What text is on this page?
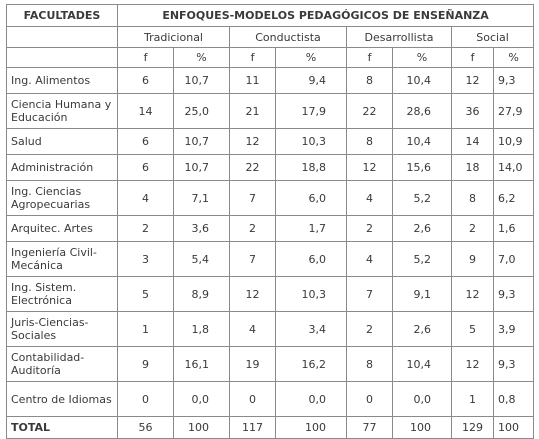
FACULTADES	ENFOQUES-MODELOS PEDAGÓGICOS DE ENSEÑANZA							
	Tradicional		Conductista		Desarrollista		Social	
	f	%	f	%	f	%	f	%
Ing. Alimentos	6	10,7	11	9,4	8	10,4	12	9,3
Ciencia Humana y Educación	14	25,0	21	17,9	22	28,6	36	27,9
Salud	6	10,7	12	10,3	8	10,4	14	10,9
Administración	6	10,7	22	18,8	12	15,6	18	14,0
Ing. Ciencias Agropecuarias	4	7,1	7	6,0	4	5,2	8	6,2
Arquitec. Artes	2	3,6	2	1,7	2	2,6	2	1,6
Ingeniería Civil-Mecánica	3	5,4	7	6,0	4	5,2	9	7,0
Ing. Sistem. Electrónica	5	8,9	12	10,3	7	9,1	12	9,3
Juris-Ciencias-Sociales	1	1,8	4	3,4	2	2,6	5	3,9
Contabilidad-Auditoría	9	16,1	19	16,2	8	10,4	12	9,3
Centro de Idiomas	0	0,0	0	0,0	0	0,0	1	0,8
TOTAL	56	100	117	100	77	100	129	100
